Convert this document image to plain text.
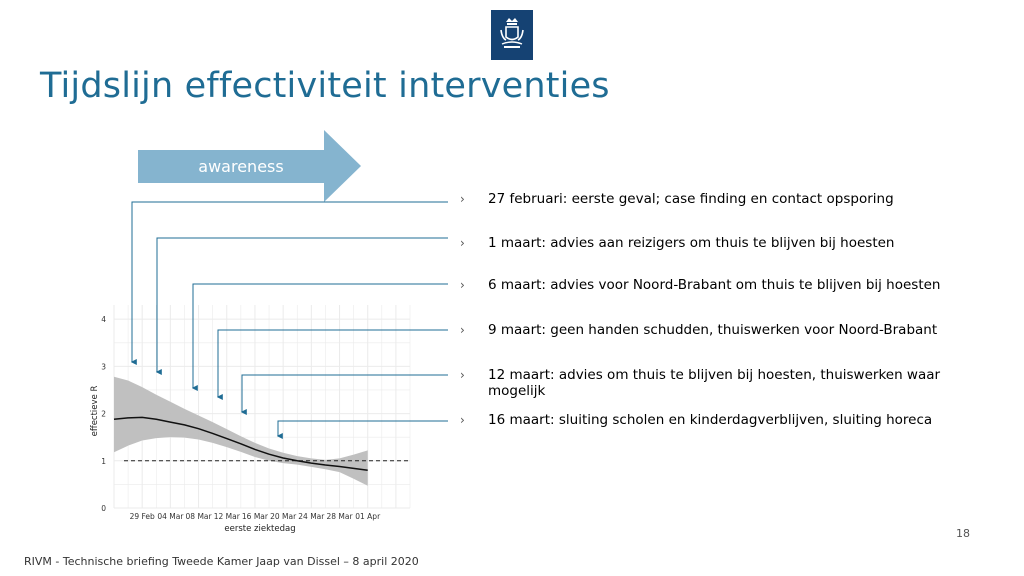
Tijdslijn effectiviteit interventies
awareness
29 Feb 04 Mar 08 Mar 12 Mar 16 Mar 20 Mar 24 Mar 28 Mar 01 Apr
0
1
2
3
4
eerste ziektedag
effectieve R
›	27 februari: eerste geval; case finding en contact opsporing
›	1 maart: advies aan reizigers om thuis te blijven bij hoesten
›	6 maart: advies voor Noord-Brabant om thuis te blijven bij hoesten
›	9 maart: geen handen schudden, thuiswerken voor Noord-Brabant
›	12 maart: advies om thuis te blijven bij hoesten, thuiswerken waar mogelijk
›	16 maart: sluiting scholen en kinderdagverblijven, sluiting horeca
18
RIVM - Technische briefing Tweede Kamer Jaap van Dissel – 8 april 2020
